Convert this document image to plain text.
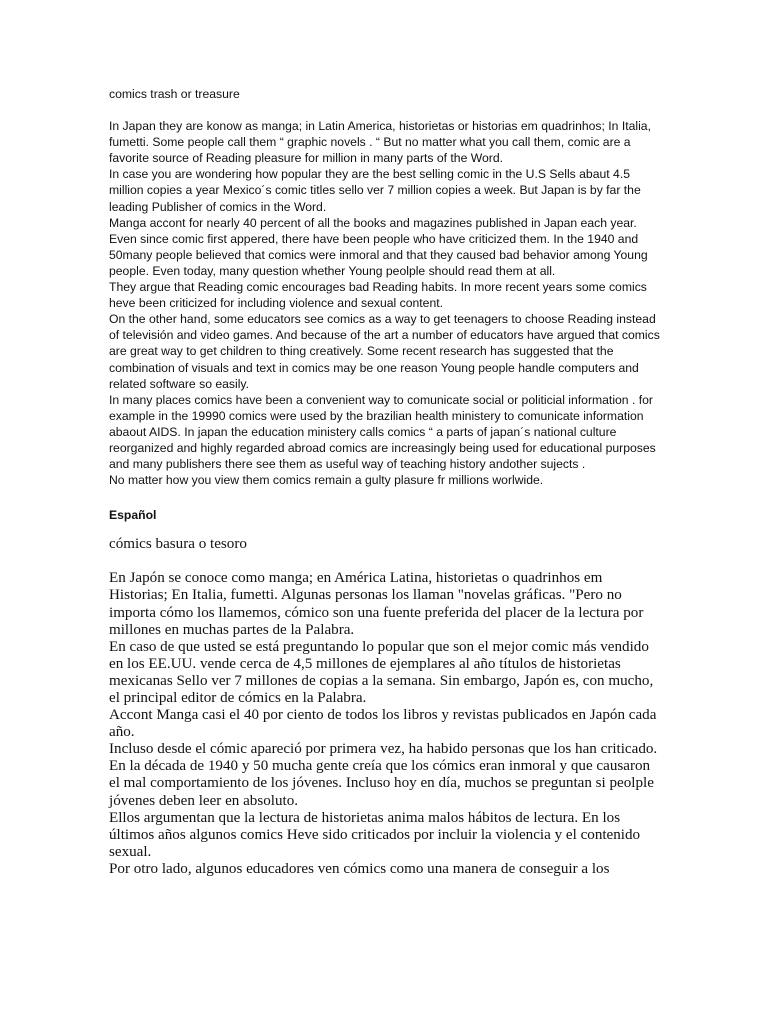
comics trash or treasure

In Japan they are konow as manga; in Latin America, historietas or historias em quadrinhos; In Italia, fumetti. Some people call them “ graphic novels . “ But no matter what you call them, comic are a favorite source of Reading pleasure for million in many parts of the Word.

In case you are wondering how popular they are the best selling comic in the U.S Sells abaut 4.5 million copies a year Mexico´s comic titles sello ver 7 million copies a week. But Japan is by far the leading Publisher of comics in the Word.

Manga accont for nearly 40 percent of all the books and magazines published in Japan each year.

Even since comic first appered, there have been people who have criticized them. In the 1940 and 50many people believed that comics were inmoral and that they caused bad behavior among Young people. Even today, many question whether Young peolple should read them at all.

They argue that Reading comic encourages bad Reading habits. In more recent years some comics heve been criticized for including violence and sexual content.

On the other hand, some educators see comics as a way to get teenagers to choose Reading instead of televisión and video games. And because of the art a number of educators have argued that comics are great way to get children to thing creatively. Some recent research has suggested that the combination of visuals and text in comics may be one reason Young people handle computers and related software so easily.

In many places comics have been a convenient way to comunicate social or politicial information . for example in the 19990 comics were used by the brazilian health ministery to comunicate information abaout AIDS. In japan the education ministery calls comics “ a parts of japan´s national culture reorganized and highly regarded abroad comics are increasingly being used for educational purposes and many publishers there see them as useful way of teaching history andother sujects .

No matter how you view them comics remain a gulty plasure fr millions worlwide.

Español

cómics basura o tesoro

En Japón se conoce como manga; en América Latina, historietas o quadrinhos em Historias; En Italia, fumetti. Algunas personas los llaman "novelas gráficas. "Pero no importa cómo los llamemos, cómico son una fuente preferida del placer de la lectura por millones en muchas partes de la Palabra.

En caso de que usted se está preguntando lo popular que son el mejor comic más vendido en los EE.UU. vende cerca de 4,5 millones de ejemplares al año títulos de historietas mexicanas Sello ver 7 millones de copias a la semana. Sin embargo, Japón es, con mucho, el principal editor de cómics en la Palabra.

Accont Manga casi el 40 por ciento de todos los libros y revistas publicados en Japón cada año.

Incluso desde el cómic apareció por primera vez, ha habido personas que los han criticado. En la década de 1940 y 50 mucha gente creía que los cómics eran inmoral y que causaron el mal comportamiento de los jóvenes. Incluso hoy en día, muchos se preguntan si peolple jóvenes deben leer en absoluto.

Ellos argumentan que la lectura de historietas anima malos hábitos de lectura. En los últimos años algunos comics Heve sido criticados por incluir la violencia y el contenido sexual.

Por otro lado, algunos educadores ven cómics como una manera de conseguir a los
